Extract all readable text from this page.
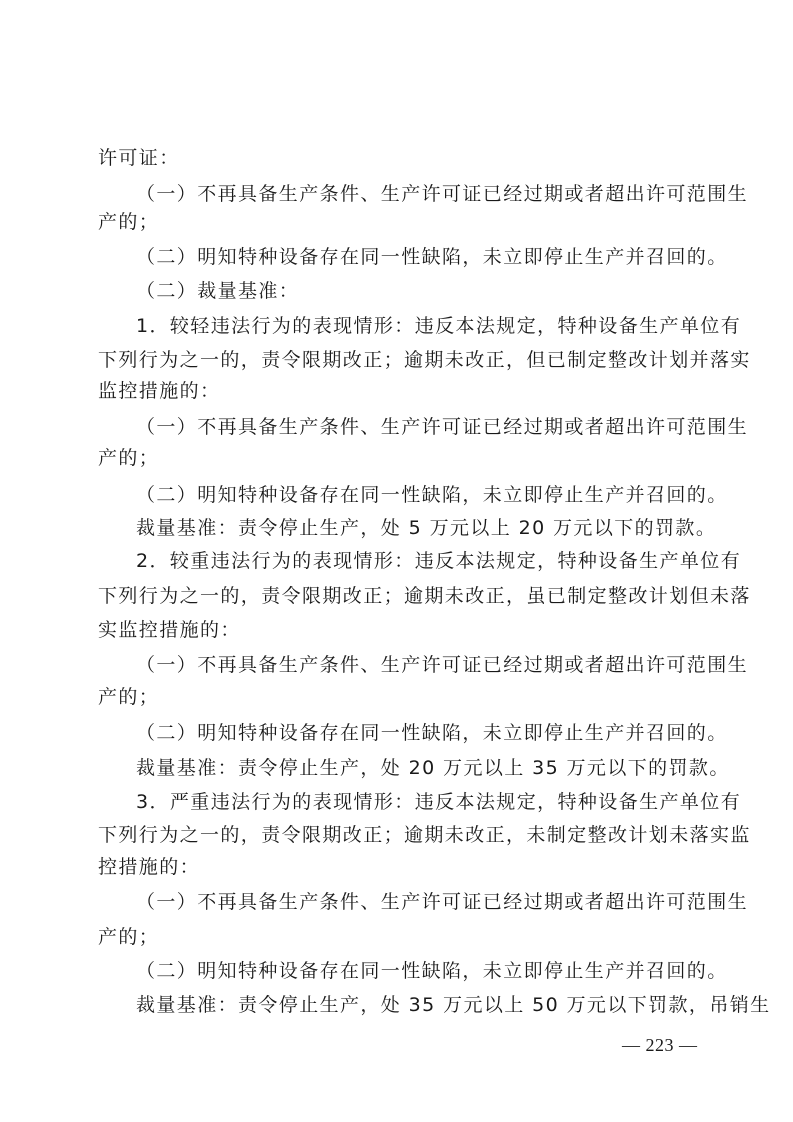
许可证：
（一）不再具备生产条件、生产许可证已经过期或者超出许可范围生
产的；
（二）明知特种设备存在同一性缺陷，未立即停止生产并召回的。
（二）裁量基准：
1．较轻违法行为的表现情形：违反本法规定，特种设备生产单位有
下列行为之一的，责令限期改正；逾期未改正，但已制定整改计划并落实
监控措施的：
（一）不再具备生产条件、生产许可证已经过期或者超出许可范围生
产的；
（二）明知特种设备存在同一性缺陷，未立即停止生产并召回的。
裁量基准：责令停止生产，处 5 万元以上 20 万元以下的罚款。
2．较重违法行为的表现情形：违反本法规定，特种设备生产单位有
下列行为之一的，责令限期改正；逾期未改正，虽已制定整改计划但未落
实监控措施的：
（一）不再具备生产条件、生产许可证已经过期或者超出许可范围生
产的；
（二）明知特种设备存在同一性缺陷，未立即停止生产并召回的。
裁量基准：责令停止生产，处 20 万元以上 35 万元以下的罚款。
3．严重违法行为的表现情形：违反本法规定，特种设备生产单位有
下列行为之一的，责令限期改正；逾期未改正，未制定整改计划未落实监
控措施的：
（一）不再具备生产条件、生产许可证已经过期或者超出许可范围生
产的；
（二）明知特种设备存在同一性缺陷，未立即停止生产并召回的。
裁量基准：责令停止生产，处 35 万元以上 50 万元以下罚款，吊销生
— 223 —
